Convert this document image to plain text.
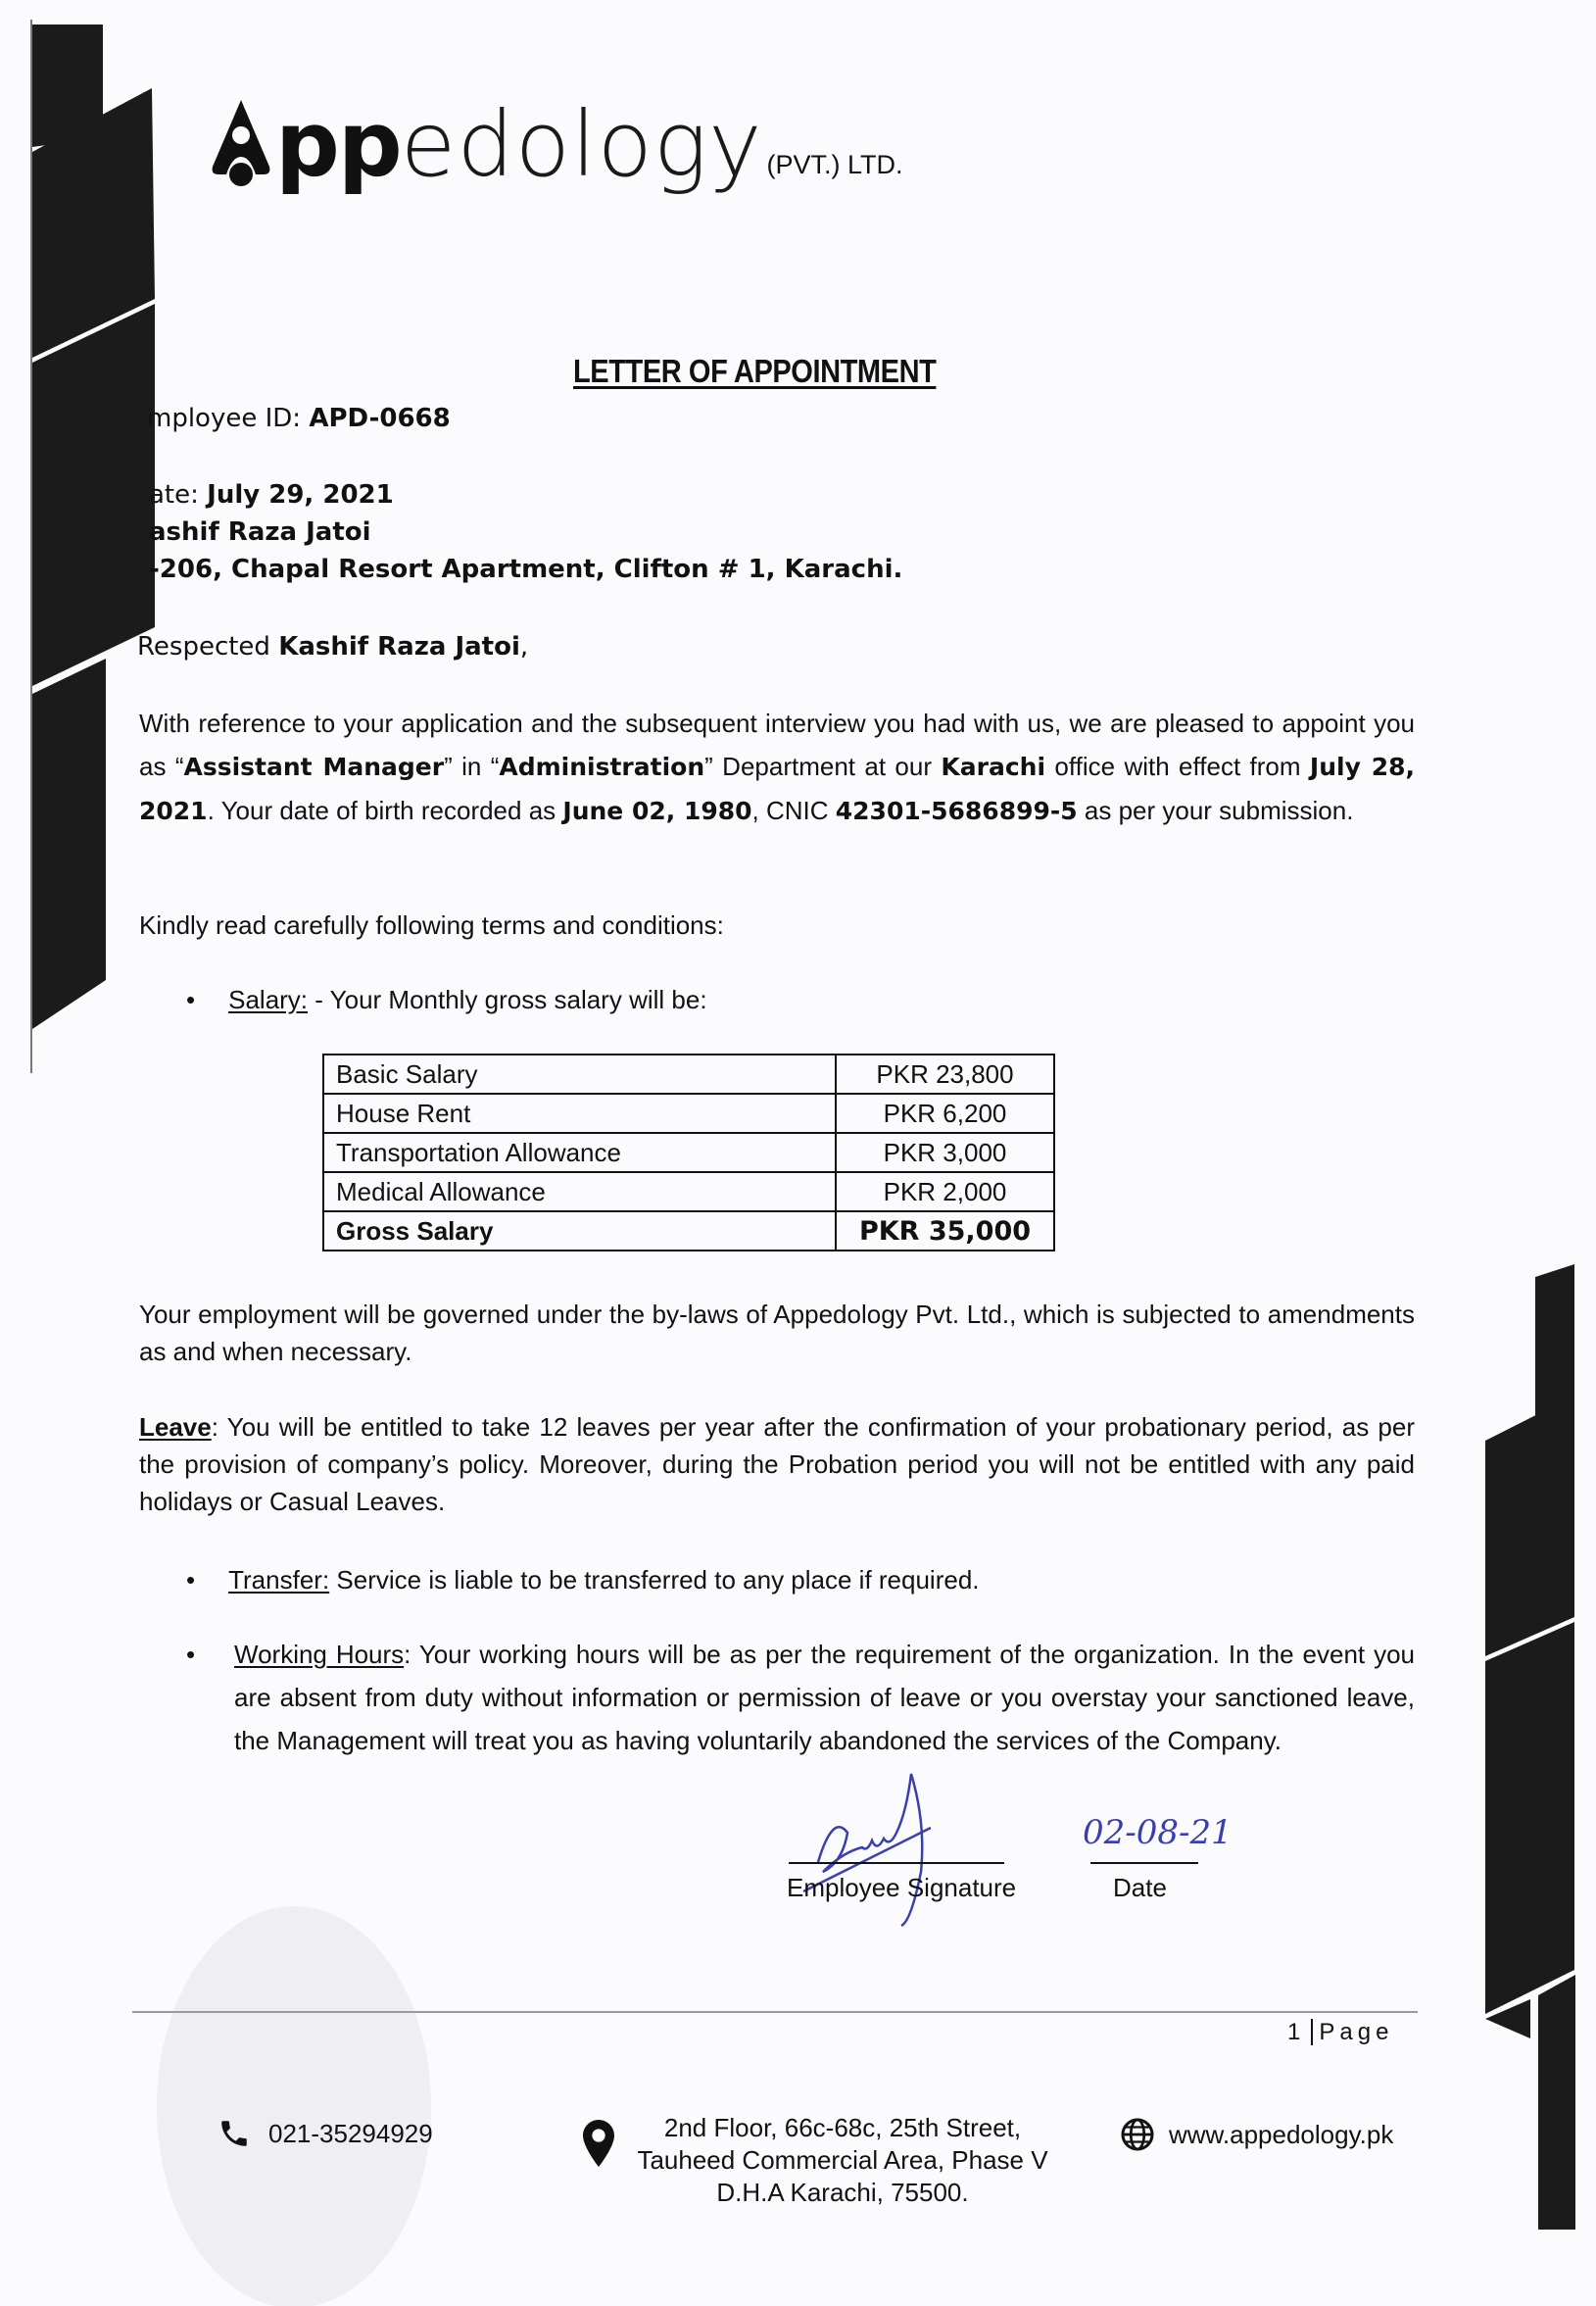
pp edology (PVT.) LTD.
LETTER OF APPOINTMENT
mployee ID: APD-0668
ate: July 29, 2021
ashif Raza Jatoi
-206, Chapal Resort Apartment, Clifton # 1, Karachi.
Respected Kashif Raza Jatoi,
With reference to your application and the subsequent interview you had with us, we are pleased to appoint you as “Assistant Manager” in “Administration” Department at our Karachi office with effect from July 28, 2021. Your date of birth recorded as June 02, 1980, CNIC 42301-5686899-5 as per your submission.
Kindly read carefully following terms and conditions:
• Salary: - Your Monthly gross salary will be:
Basic Salary	PKR 23,800
House Rent	PKR 6,200
Transportation Allowance	PKR 3,000
Medical Allowance	PKR 2,000
Gross Salary	PKR 35,000
Your employment will be governed under the by-laws of Appedology Pvt. Ltd., which is subjected to amendments as and when necessary.
Leave: You will be entitled to take 12 leaves per year after the confirmation of your probationary period, as per the provision of company’s policy. Moreover, during the Probation period you will not be entitled with any paid holidays or Casual Leaves.
• Transfer: Service is liable to be transferred to any place if required.
• Working Hours: Your working hours will be as per the requirement of the organization. In the event you are absent from duty without information or permission of leave or you overstay your sanctioned leave, the Management will treat you as having voluntarily abandoned the services of the Company.
Employee Signature
02-08-21
Date
1 Page
021-35294929	2nd Floor, 66c-68c, 25th Street,
Tauheed Commercial Area, Phase V
D.H.A Karachi, 75500.
www.appedology.pk
